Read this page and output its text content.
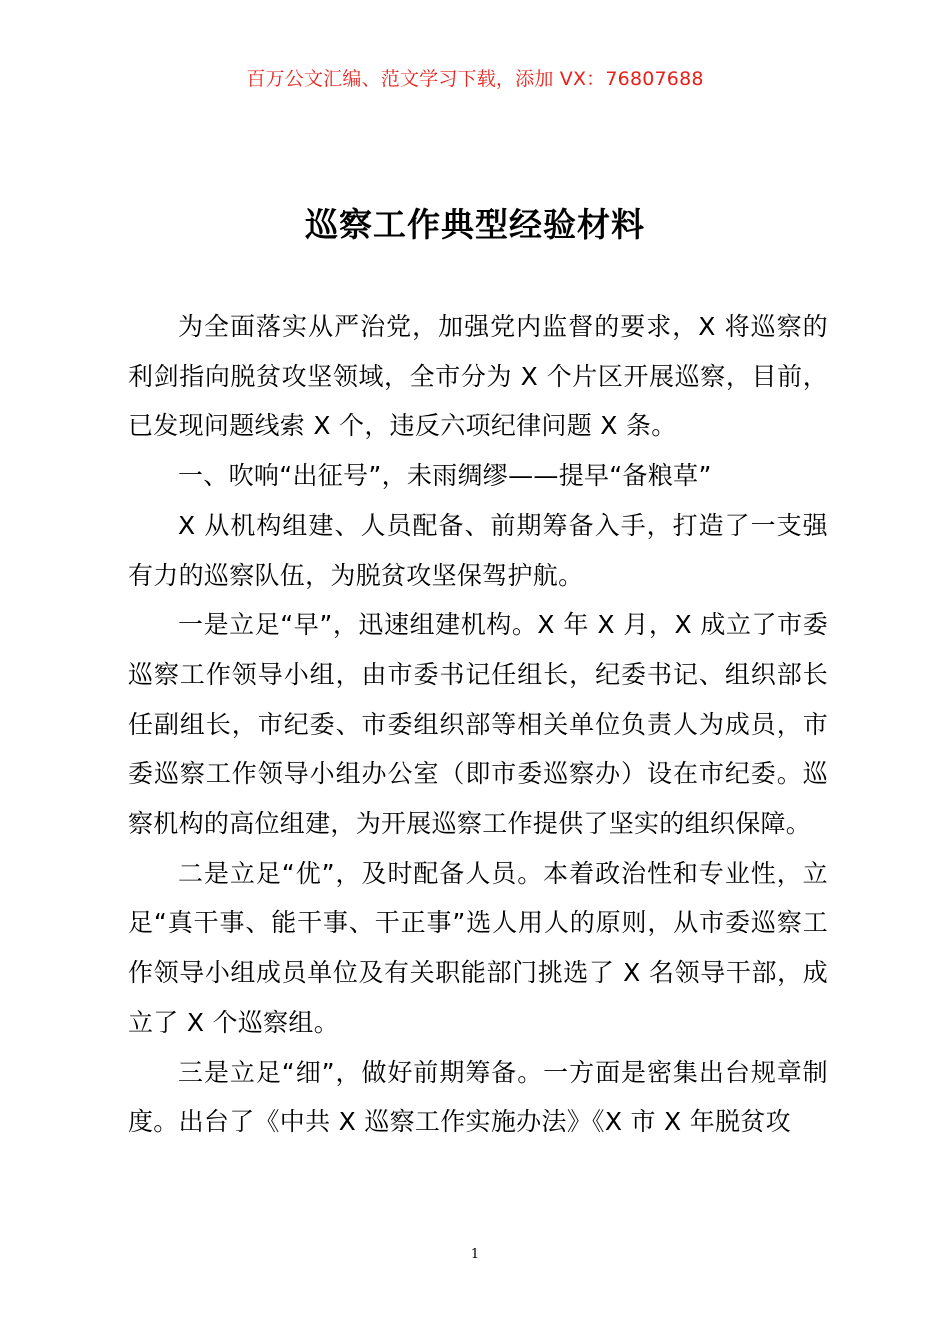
百万公文汇编、范文学习下载，添加 VX：76807688
巡察工作典型经验材料

为全面落实从严治党，加强党内监督的要求，X 将巡察的利剑指向脱贫攻坚领域，全市分为 X 个片区开展巡察，目前，已发现问题线索 X 个，违反六项纪律问题 X 条。

一、吹响“出征号”，未雨绸缪——提早“备粮草”

X 从机构组建、人员配备、前期筹备入手，打造了一支强有力的巡察队伍，为脱贫攻坚保驾护航。

一是立足“早”，迅速组建机构。X 年 X 月，X 成立了市委巡察工作领导小组，由市委书记任组长，纪委书记、组织部长任副组长，市纪委、市委组织部等相关单位负责人为成员，市委巡察工作领导小组办公室（即市委巡察办）设在市纪委。巡察机构的高位组建，为开展巡察工作提供了坚实的组织保障。

二是立足“优”，及时配备人员。本着政治性和专业性，立足“真干事、能干事、干正事”选人用人的原则，从市委巡察工作领导小组成员单位及有关职能部门挑选了 X 名领导干部，成立了 X 个巡察组。

三是立足“细”，做好前期筹备。一方面是密集出台规章制度。出台了《中共 X 巡察工作实施办法》《X 市 X 年脱贫攻

1
